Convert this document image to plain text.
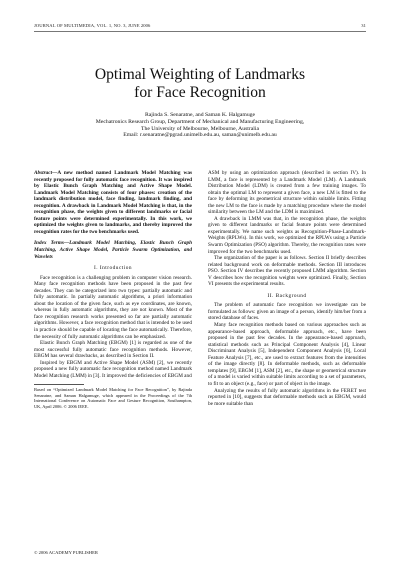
JOURNAL OF MULTIMEDIA, VOL. 1, NO. 3, JUNE 2006	31
Optimal Weighting of Landmarks
for Face Recognition
Rajinda S. Senaratne, and Saman K. Halgamuge
Mechatronics Research Group, Department of Mechanical and Manufacturing Engineering,
The University of Melbourne, Melbourne, Australia
Email: r.senaratne@pgrad.unimelb.edu.au, saman@unimelb.edu.au

Abstract—A new method named Landmark Model Matching was recently proposed for fully automatic face recognition. It was inspired by Elastic Bunch Graph Matching and Active Shape Model. Landmark Model Matching consists of four phases: creation of the landmark distribution model, face finding, landmark finding, and recognition. A drawback in Landmark Model Matching is that, in the recognition phase, the weights given to different landmarks or facial feature points were determined experimentally. In this work, we optimized the weights given to landmarks, and thereby improved the recognition rates for the two benchmarks used.

Index Terms—Landmark Model Matching, Elastic Bunch Graph Matching, Active Shape Model, Particle Swarm Optimization, and Wavelets

I. Introduction

Face recognition is a challenging problem in computer vision research. Many face recognition methods have been proposed in the past few decades. They can be categorized into two types: partially automatic and fully automatic. In partially automatic algorithms, a priori information about the location of the given face, such as eye coordinates, are known, whereas in fully automatic algorithms, they are not known. Most of the face recognition research works presented so far are partially automatic algorithms. However, a face recognition method that is intended to be used in practice should be capable of locating the face automatically. Therefore, the necessity of fully automatic algorithms can be emphasized.

Elastic Bunch Graph Matching (EBGM) [1] is regarded as one of the most successful fully automatic face recognition methods. However, EBGM has several drawbacks, as described in Section II.

Inspired by EBGM and Active Shape Model (ASM) [2], we recently proposed a new fully automatic face recognition method named Landmark Model Matching (LMM) in [3]. It improved the deficiencies of EBGM and

Based on “Optimized Landmark Model Matching for Face Recognition”, by Rajinda Senaratne, and Saman Halgamuge, which appeared in the Proceedings of the 7th International Conference on Automatic Face and Gesture Recognition, Southampton, UK, April 2006. © 2006 IEEE.

ASM by using an optimization approach (described in section IV). In LMM, a face is represented by a Landmark Model (LM). A Landmark Distribution Model (LDM) is created from a few training images. To obtain the optimal LM to represent a given face, a new LM is fitted to the face by deforming its geometrical structure within suitable limits. Fitting the new LM to the face is made by a matching procedure where the model similarity between the LM and the LDM is maximized.

A drawback in LMM was that, in the recognition phase, the weights given to different landmarks or facial feature points were determined experimentally. We name such weights as Recognition-Phase-Landmark-Weights (RPLWs). In this work, we optimized the RPLWs using a Particle Swarm Optimization (PSO) algorithm. Thereby, the recognition rates were improved for the two benchmarks used.

The organization of the paper is as follows. Section II briefly describes related background work on deformable methods. Section III introduces PSO. Section IV describes the recently proposed LMM algorithm. Section V describes how the recognition weights were optimized. Finally, Section VI presents the experimental results.

II. Background

The problem of automatic face recognition we investigate can be formulated as follows: given an image of a person, identify him/her from a stored database of faces.

Many face recognition methods based on various approaches such as appearance-based approach, deformable approach, etc., have been proposed in the past few decades. In the appearance-based approach, statistical methods such as Principal Component Analysis [4], Linear Discriminant Analysis [5], Independent Component Analysis [6], Local Feature Analysis [7], etc., are used to extract features from the intensities of the image directly [8]. In deformable methods, such as deformable templates [9], EBGM [1], ASM [2], etc., the shape or geometrical structure of a model is varied within suitable limits according to a set of parameters, to fit to an object (e.g., face) or part of object in the image.

Analyzing the results of fully automatic algorithms in the FERET test reported in [10], suggests that deformable methods such as EBGM, would be more suitable than

© 2006 ACADEMY PUBLISHER
